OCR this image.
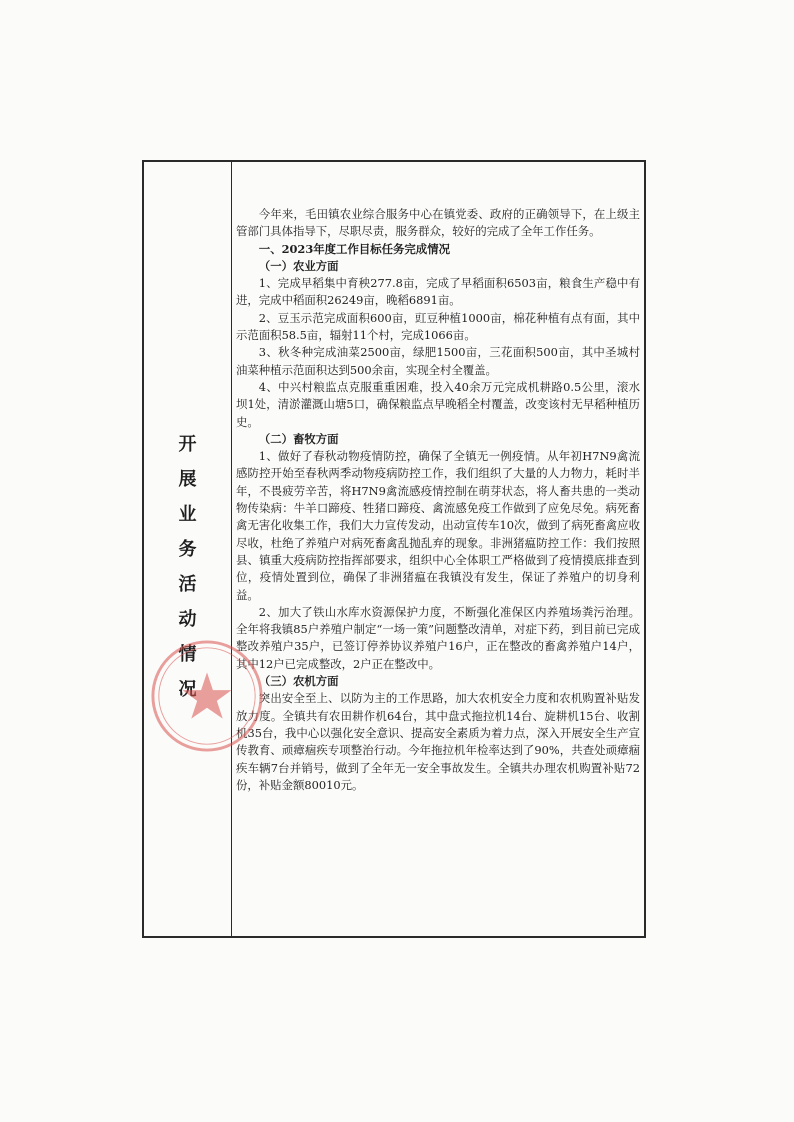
开
展
业
务
活
动
情
况

今年来，毛田镇农业综合服务中心在镇党委、政府的正确领导下，在上级主管部门具体指导下，尽职尽责，服务群众，较好的完成了全年工作任务。

一、2023年度工作目标任务完成情况

（一）农业方面

1、完成早稻集中育秧277.8亩，完成了早稻面积6503亩，粮食生产稳中有进，完成中稻面积26249亩，晚稻6891亩。

2、豆玉示范完成面积600亩，豇豆种植1000亩，棉花种植有点有面，其中示范面积58.5亩，辐射11个村，完成1066亩。

3、秋冬种完成油菜2500亩，绿肥1500亩，三花面积500亩，其中圣城村油菜种植示范面积达到500余亩，实现全村全覆盖。

4、中兴村粮监点克服重重困难，投入40余万元完成机耕路0.5公里，滚水坝1处，清淤灌溉山塘5口，确保粮监点早晚稻全村覆盖，改变该村无早稻种植历史。

（二）畜牧方面

1、做好了春秋动物疫情防控，确保了全镇无一例疫情。从年初H7N9禽流感防控开始至春秋两季动物疫病防控工作，我们组织了大量的人力物力，耗时半年，不畏疲劳辛苦，将H7N9禽流感疫情控制在萌芽状态，将人畜共患的一类动物传染病：牛羊口蹄疫、牲猪口蹄疫、禽流感免疫工作做到了应免尽免。病死畜禽无害化收集工作，我们大力宣传发动，出动宣传车10次，做到了病死畜禽应收尽收，杜绝了养殖户对病死畜禽乱抛乱弃的现象。非洲猪瘟防控工作：我们按照县、镇重大疫病防控指挥部要求，组织中心全体职工严格做到了疫情摸底排查到位，疫情处置到位，确保了非洲猪瘟在我镇没有发生，保证了养殖户的切身利益。

2、加大了铁山水库水资源保护力度，不断强化准保区内养殖场粪污治理。全年将我镇85户养殖户制定“一场一策”问题整改清单，对症下药，到目前已完成整改养殖户35户，已签订停养协议养殖户16户，正在整改的畜禽养殖户14户，其中12户已完成整改，2户正在整改中。

（三）农机方面

突出安全至上、以防为主的工作思路，加大农机安全力度和农机购置补贴发放力度。全镇共有农田耕作机64台，其中盘式拖拉机14台、旋耕机15台、收割机35台，我中心以强化安全意识、提高安全素质为着力点，深入开展安全生产宣传教育、顽瘴痼疾专项整治行动。今年拖拉机年检率达到了90%，共查处顽瘴痼疾车辆7台并销号，做到了全年无一安全事故发生。全镇共办理农机购置补贴72份，补贴金额80010元。
